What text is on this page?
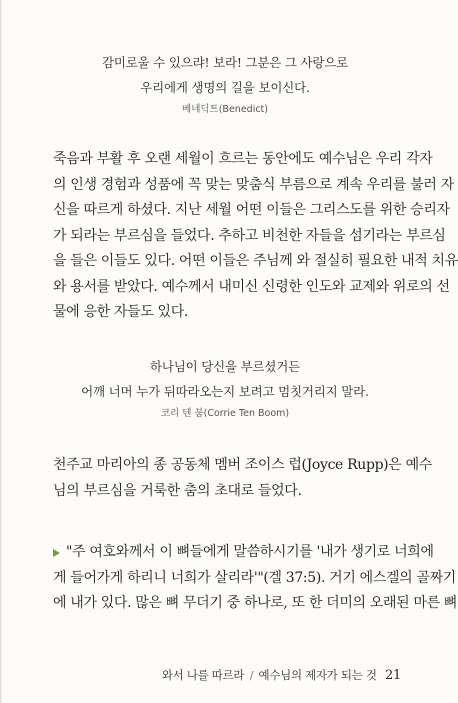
감미로울 수 있으랴! 보라! 그분은 그 사랑으로
우리에게 생명의 길을 보이신다.
베네딕트(Benedict)
죽음과 부활 후 오랜 세월이 흐르는 동안에도 예수님은 우리 각자
의 인생 경험과 성품에 꼭 맞는 맞춤식 부름으로 계속 우리를 불러 자
신을 따르게 하셨다. 지난 세월 어떤 이들은 그리스도를 위한 승리자
가 되라는 부르심을 들었다. 추하고 비천한 자들을 섬기라는 부르심
을 들은 이들도 있다. 어떤 이들은 주님께 와 절실히 필요한 내적 치유
와 용서를 받았다. 예수께서 내미신 신령한 인도와 교제와 위로의 선
물에 응한 자들도 있다.
하나님이 당신을 부르셨거든
어깨 너머 누가 뒤따라오는지 보려고 멈칫거리지 말라.
코리 텐 붐(Corrie Ten Boom)
천주교 마리아의 종 공동체 멤버 조이스 럽(Joyce Rupp)은 예수
님의 부르심을 거룩한 춤의 초대로 들었다.
"주 여호와께서 이 뼈들에게 말씀하시기를 '내가 생기로 너희에
게 들어가게 하리니 너희가 살리라'"(겔 37:5). 거기 에스겔의 골짜기
에 내가 있다. 많은 뼈 무더기 중 하나로, 또 한 더미의 오래된 마른 뼈
와서 나를 따르라 / 예수님의 제자가 되는 것 21
